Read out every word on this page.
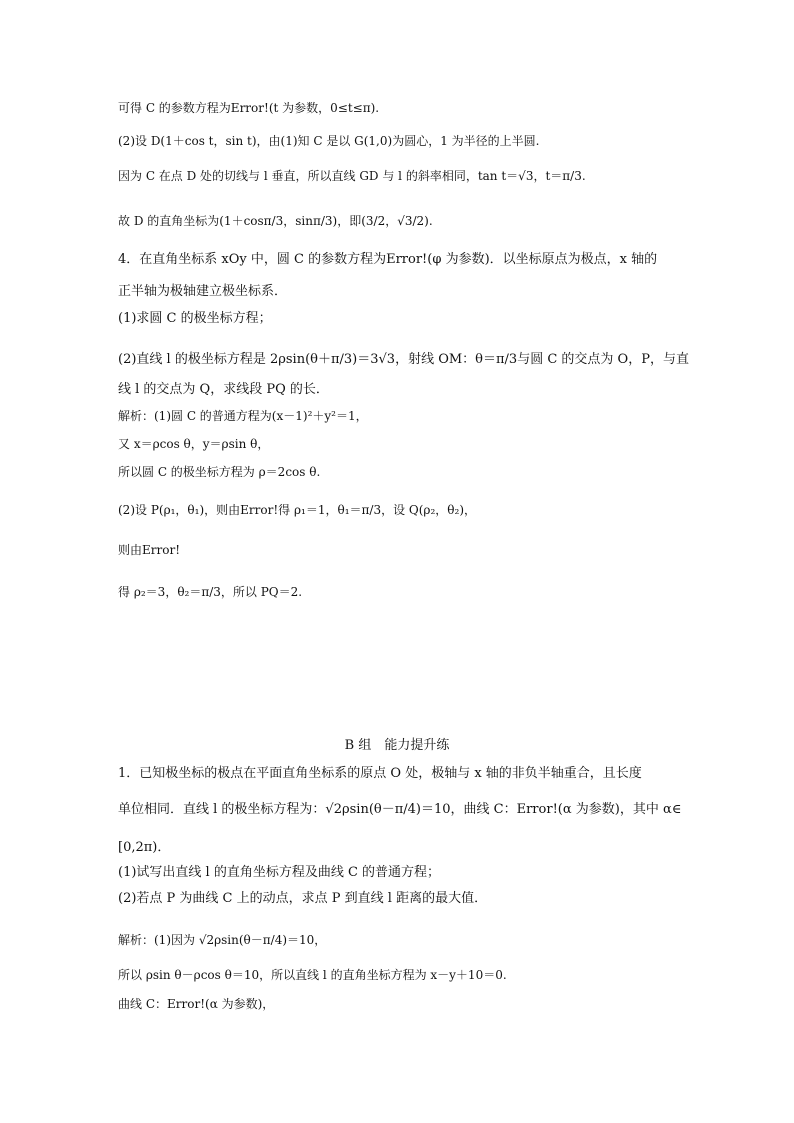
可得 C 的参数方程为Error!(t 为参数，0≤t≤π).
(2)设 D(1＋cos t，sin t)，由(1)知 C 是以 G(1,0)为圆心，1 为半径的上半圆.
因为 C 在点 D 处的切线与 l 垂直，所以直线 GD 与 l 的斜率相同，tan t＝√3，t＝π/3.
故 D 的直角坐标为(1＋cosπ/3，sinπ/3)，即(3/2，√3/2).
4．在直角坐标系 xOy 中，圆 C 的参数方程为Error!(φ 为参数)．以坐标原点为极点，x 轴的
正半轴为极轴建立极坐标系．
(1)求圆 C 的极坐标方程；
(2)直线 l 的极坐标方程是 2ρsin(θ＋π/3)＝3√3，射线 OM：θ＝π/3与圆 C 的交点为 O，P，与直
线 l 的交点为 Q，求线段 PQ 的长．
解析：(1)圆 C 的普通方程为(x－1)²＋y²＝1，
又 x＝ρcos θ，y＝ρsin θ，
所以圆 C 的极坐标方程为 ρ＝2cos θ.
(2)设 P(ρ₁，θ₁)，则由Error!得 ρ₁＝1，θ₁＝π/3，设 Q(ρ₂，θ₂)，
则由Error!
得 ρ₂＝3，θ₂＝π/3，所以 PQ＝2.
B 组　能力提升练
1．已知极坐标的极点在平面直角坐标系的原点 O 处，极轴与 x 轴的非负半轴重合，且长度
单位相同．直线 l 的极坐标方程为：√2ρsin(θ－π/4)＝10，曲线 C：Error!(α 为参数)，其中 α∈
[0,2π)．
(1)试写出直线 l 的直角坐标方程及曲线 C 的普通方程；
(2)若点 P 为曲线 C 上的动点，求点 P 到直线 l 距离的最大值．
解析：(1)因为 √2ρsin(θ－π/4)＝10，
所以 ρsin θ－ρcos θ＝10，所以直线 l 的直角坐标方程为 x－y＋10＝0.
曲线 C：Error!(α 为参数)，
